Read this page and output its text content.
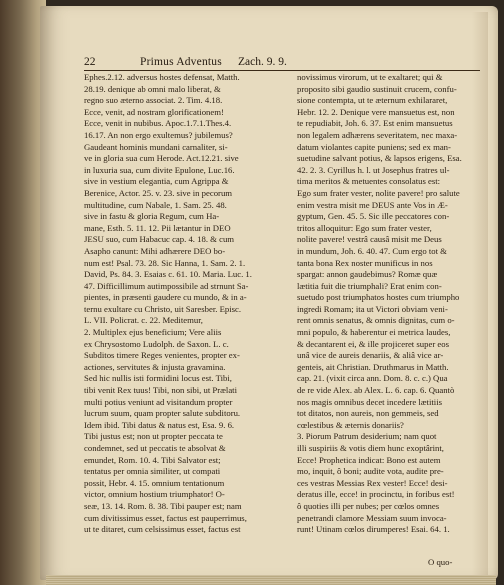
22	Primus Adventus Zach. 9. 9.
Ephes.2.12. adversus hostes defensat, Matth.
28.19. denique ab omni malo liberat, &
regno suo æterno associat. 2. Tim. 4.18.
Ecce, venit, ad nostram glorificationem!
Ecce, venit in nubibus. Apoc.1.7.1.Thes.4.
16.17. An non ergo exultemus? jubilemus?
Gaudeant hominis mundani carnaliter, si-
ve in gloria sua cum Herode. Act.12.21. sive
in luxuria sua, cum divite Epulone, Luc.16.
sive in vestium elegantia, cum Agrippa &
Berenice, Actor. 25. v. 23. sive in pecorum
multitudine, cum Nabale, 1. Sam. 25. 48.
sive in fastu & gloria Regum, cum Ha-
mane, Esth. 5. 11. 12. Pii lætantur in DEO
JESU suo, cum Habacuc cap. 4. 18. & cum
Asapho canunt: Mihi adhærere DEO bo-
num est! Psal. 73. 28. Sic Hanna, 1. Sam. 2. 1.
David, Ps. 84. 3. Esaias c. 61. 10. Maria. Luc. 1.
47. Difficillimum autimpossibile ad strnunt Sa-
pientes, in præsenti gaudere cu mundo, & in a-
ternu exultare cu Christo, uit Saresber. Episc.
L. VII. Policrat. c. 22. Meditemur,
2. Multiplex ejus beneficium; Vere aliis
ex Chrysostomo Ludolph. de Saxon. L. c.
Subditos timere Reges venientes, propter ex-
actiones, servitutes & injusta gravamina.
Sed hic nullis isti formidini locus est. Tibi,
tibi venit Rex tuus! Tibi, non sibi, ut Prælati
multi potius veniunt ad visitandum propter
lucrum suum, quam propter salute subditoru.
Idem ibid. Tibi datus & natus est, Esa. 9. 6.
Tibi justus est; non ut propter peccata te
condemnet, sed ut peccatis te absolvat &
emundet, Rom. 10. 4. Tibi Salvator est;
tentatus per omnia similiter, ut compati
possit, Hebr. 4. 15. omnium tentationum
victor, omnium hostium triumphator! O-
seæ, 13. 14. Rom. 8. 38. Tibi pauper est; nam
cum divitissimus esset, factus est pauperrimus,
ut te ditaret, cum celsissimus esset, factus est
novissimus virorum, ut te exaltaret; qui &
proposito sibi gaudio sustinuit crucem, confu-
sione contempta, ut te æternum exhilararet,
Hebr. 12. 2. Denique vere mansuetus est, non
te repudiabit, Joh. 6. 37. Est enim mansuetus
non legalem adhærens severitatem, nec maxa-
datum violantes capite puniens; sed ex man-
suetudine salvant potius, & lapsos erigens, Esa.
42. 2. 3. Cyrillus h. l. ut Josephus fratres ul-
tima meritos & metuentes consolatus est:
Ego sum frater vester, nolite pavere! pro salute
enim vestra misit me DEUS ante Vos in Æ-
gyptum, Gen. 45. 5. Sic ille peccatores con-
tritos alloquitur: Ego sum frater vester,
nolite pavere! vestrâ causâ misit me Deus
in mundum, Joh. 6. 40. 47. Cum ergo tot &
tanta bona Rex noster munificus in nos
spargat: annon gaudebimus? Romæ quæ
lætitia fuit die triumphali? Erat enim con-
suetudo post triumphatos hostes cum triumpho
ingredi Romam; ita ut Victori obviam veni-
rent omnis senatus, & omnis dignitas, cum o-
mni populo, & haberentur ei metrica laudes,
& decantarent ei, & ille projiceret super eos
unâ vice de aureis denariis, & aliâ vice ar-
genteis, ait Christian. Druthmarus in Matth.
cap. 21. (vixit circa ann. Dom. 8. c. c.) Qua
de re vide Alex. ab Alex. L. 6. cap. 6. Quantò
nos magis omnibus decet incedere lætitiis
tot ditatos, non aureis, non gemmeis, sed
cœlestibus & æternis donariis?
3. Piorum Patrum desiderium; nam quot
illi suspiriis & votis diem hunc exoptârint,
Ecce! Prophetica indicat: Bono est autem
mo, inquit, ô boni; audite vota, audite pre-
ces vestras Messias Rex vester! Ecce! desi-
deratus ille, ecce! in procinctu, in foribus est!
ô quoties illi per nubes; per cœlos omnes
penetrandi clamore Messiam suum invoca-
runt! Utinam cœlos dirumperes! Esai. 64. 1.
O quo-
